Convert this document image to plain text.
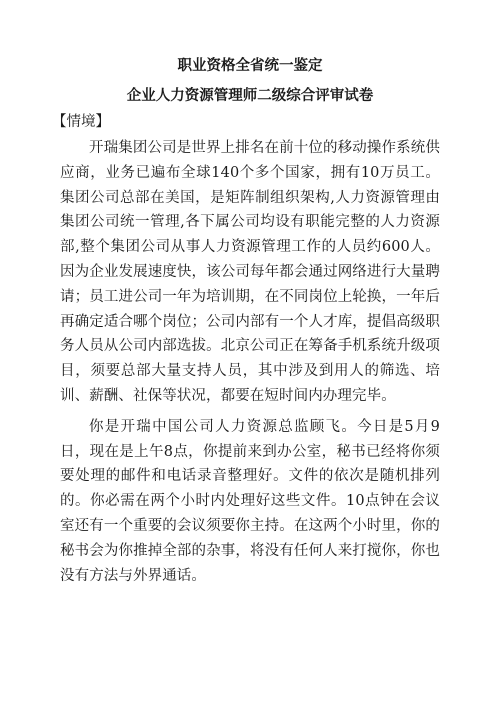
职业资格全省统一鉴定
企业人力资源管理师二级综合评审试卷
【情境】

开瑞集团公司是世界上排名在前十位的移动操作系统供应商，业务已遍布全球140个多个国家，拥有10万员工。集团公司总部在美国，是矩阵制组织架构,人力资源管理由集团公司统一管理,各下属公司均设有职能完整的人力资源部,整个集团公司从事人力资源管理工作的人员约600人。因为企业发展速度快，该公司每年都会通过网络进行大量聘请；员工进公司一年为培训期，在不同岗位上轮换，一年后再确定适合哪个岗位；公司内部有一个人才库，提倡高级职务人员从公司内部选拔。北京公司正在筹备手机系统升级项目，须要总部大量支持人员，其中涉及到用人的筛选、培训、薪酬、社保等状况，都要在短时间内办理完毕。

你是开瑞中国公司人力资源总监顾飞。今日是5月9日，现在是上午8点，你提前来到办公室，秘书已经将你须要处理的邮件和电话录音整理好。文件的依次是随机排列的。你必需在两个小时内处理好这些文件。10点钟在会议室还有一个重要的会议须要你主持。在这两个小时里，你的秘书会为你推掉全部的杂事，将没有任何人来打搅你，你也没有方法与外界通话。
